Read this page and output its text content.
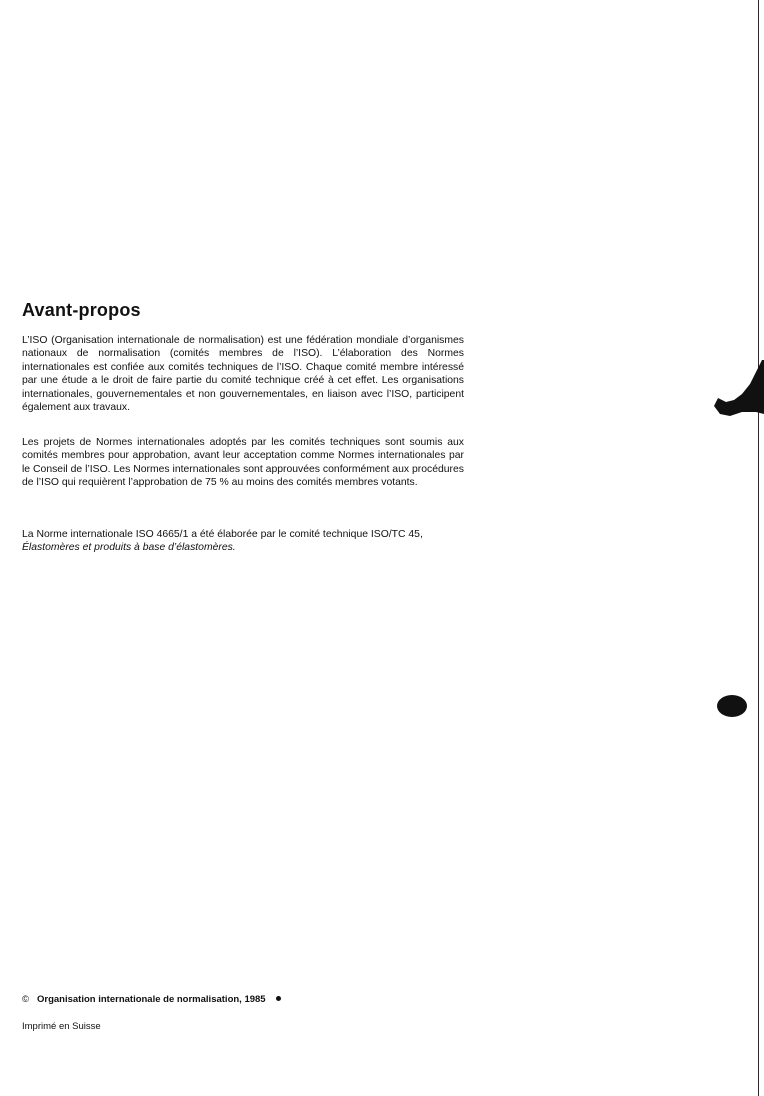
Avant-propos

L’ISO (Organisation internationale de normalisation) est une fédération mondiale d’organismes nationaux de normalisation (comités membres de l’ISO). L’élaboration des Normes internationales est confiée aux comités techniques de l’ISO. Chaque comité membre intéressé par une étude a le droit de faire partie du comité technique créé à cet effet. Les organisations internationales, gouvernementales et non gouvernementales, en liaison avec l’ISO, participent également aux travaux.

Les projets de Normes internationales adoptés par les comités techniques sont soumis aux comités membres pour approbation, avant leur acceptation comme Normes internationales par le Conseil de l’ISO. Les Normes internationales sont approuvées conformément aux procédures de l’ISO qui requièrent l’approbation de 75 % au moins des comités membres votants.

La Norme internationale ISO 4665/1 a été élaborée par le comité technique ISO/TC 45,
Élastomères et produits à base d’élastomères.

© Organisation internationale de normalisation, 1985
Imprimé en Suisse
